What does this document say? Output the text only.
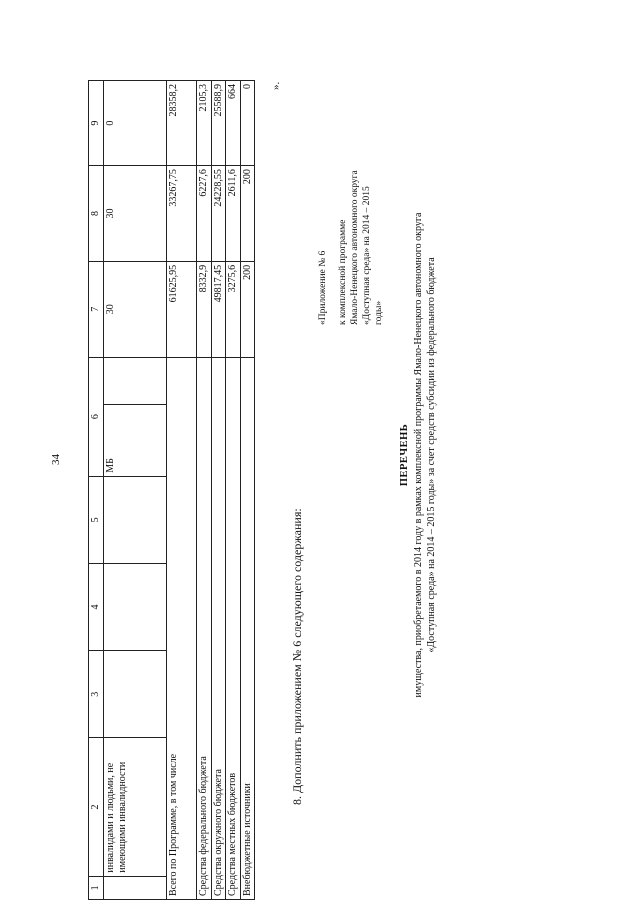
34
1	2	3	4	5	6	7	8	9
	инвалидами и людьми, не имеющими инвалидности				МБ	30	30	0
Всего по Программе, в том числе						61625,95	33267,75	28358,2
Средства федерального бюджета						8332,9	6227,6	2105,3
Средства окружного бюджета						49817,45	24228,55	25588,9
Средства местных бюджетов						3275,6	2611,6	664
Внебюджетные источники						200	200	0 ».
8. Дополнить приложением № 6 следующего содержания:
«Приложение № 6 к комплексной программе Ямало-Ненецкого автономного округа «Доступная среда» на 2014 – 2015 годы»
ПЕРЕЧЕНЬ имущества, приобретаемого в 2014 году в рамках комплексной программы Ямало-Ненецкого автономного округа «Доступная среда» на 2014 – 2015 годы» за счет средств субсидии из федерального бюджета
